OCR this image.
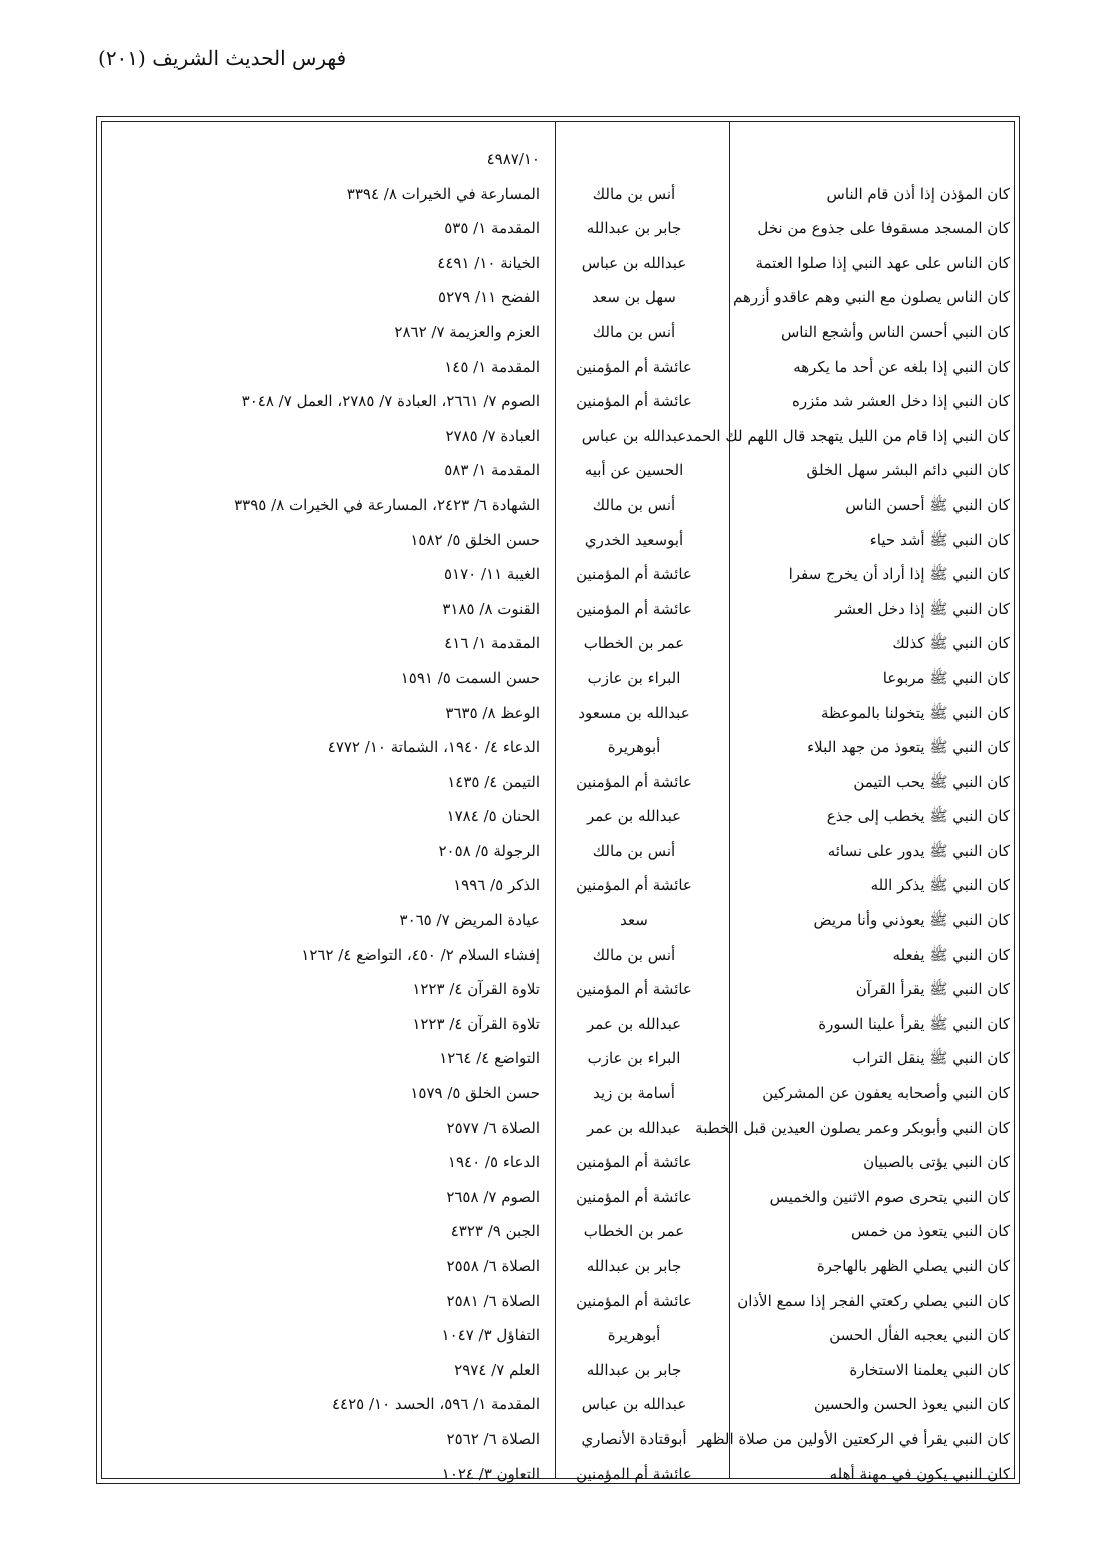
فهرس الحديث الشريف (٢٠١)
٤٩٨٧/١٠
كان المؤذن إذا أذن قام الناس
أنس بن مالك
المسارعة في الخيرات ٨/ ٣٣٩٤
كان المسجد مسقوفا على جذوع من نخل
جابر بن عبدالله
المقدمة ١/ ٥٣٥
كان الناس على عهد النبي إذا صلوا العتمة
عبدالله بن عباس
الخيانة ١٠/ ٤٤٩١
كان الناس يصلون مع النبي وهم عاقدو أزرهم
سهل بن سعد
الفضح ١١/ ٥٢٧٩
كان النبي أحسن الناس وأشجع الناس
أنس بن مالك
العزم والعزيمة ٧/ ٢٨٦٢
كان النبي إذا بلغه عن أحد ما يكرهه
عائشة أم المؤمنين
المقدمة ١/ ١٤٥
كان النبي إذا دخل العشر شد مئزره
عائشة أم المؤمنين
الصوم ٧/ ٢٦٦١، العبادة ٧/ ٢٧٨٥، العمل ٧/ ٣٠٤٨
كان النبي إذا قام من الليل يتهجد قال اللهم لك الحمد
عبدالله بن عباس
العبادة ٧/ ٢٧٨٥
كان النبي دائم البشر سهل الخلق
الحسين عن أبيه
المقدمة ١/ ٥٨٣
كان النبي ﷺ أحسن الناس
أنس بن مالك
الشهادة ٦/ ٢٤٢٣، المسارعة في الخيرات ٨/ ٣٣٩٥
كان النبي ﷺ أشد حياء
أبوسعيد الخدري
حسن الخلق ٥/ ١٥٨٢
كان النبي ﷺ إذا أراد أن يخرج سفرا
عائشة أم المؤمنين
الغيبة ١١/ ٥١٧٠
كان النبي ﷺ إذا دخل العشر
عائشة أم المؤمنين
القنوت ٨/ ٣١٨٥
كان النبي ﷺ كذلك
عمر بن الخطاب
المقدمة ١/ ٤١٦
كان النبي ﷺ مربوعا
البراء بن عازب
حسن السمت ٥/ ١٥٩١
كان النبي ﷺ يتخولنا بالموعظة
عبدالله بن مسعود
الوعظ ٨/ ٣٦٣٥
كان النبي ﷺ يتعوذ من جهد البلاء
أبوهريرة
الدعاء ٤/ ١٩٤٠، الشماتة ١٠/ ٤٧٧٢
كان النبي ﷺ يحب التيمن
عائشة أم المؤمنين
التيمن ٤/ ١٤٣٥
كان النبي ﷺ يخطب إلى جذع
عبدالله بن عمر
الحنان ٥/ ١٧٨٤
كان النبي ﷺ يدور على نسائه
أنس بن مالك
الرجولة ٥/ ٢٠٥٨
كان النبي ﷺ يذكر الله
عائشة أم المؤمنين
الذكر ٥/ ١٩٩٦
كان النبي ﷺ يعوذني وأنا مريض
سعد
عيادة المريض ٧/ ٣٠٦٥
كان النبي ﷺ يفعله
أنس بن مالك
إفشاء السلام ٢/ ٤٥٠، التواضع ٤/ ١٢٦٢
كان النبي ﷺ يقرأ القرآن
عائشة أم المؤمنين
تلاوة القرآن ٤/ ١٢٢٣
كان النبي ﷺ يقرأ علينا السورة
عبدالله بن عمر
تلاوة القرآن ٤/ ١٢٢٣
كان النبي ﷺ ينقل التراب
البراء بن عازب
التواضع ٤/ ١٢٦٤
كان النبي وأصحابه يعفون عن المشركين
أسامة بن زيد
حسن الخلق ٥/ ١٥٧٩
كان النبي وأبوبكر وعمر يصلون العيدين قبل الخطبة
عبدالله بن عمر
الصلاة ٦/ ٢٥٧٧
كان النبي يؤتى بالصبيان
عائشة أم المؤمنين
الدعاء ٥/ ١٩٤٠
كان النبي يتحرى صوم الاثنين والخميس
عائشة أم المؤمنين
الصوم ٧/ ٢٦٥٨
كان النبي يتعوذ من خمس
عمر بن الخطاب
الجبن ٩/ ٤٣٢٣
كان النبي يصلي الظهر بالهاجرة
جابر بن عبدالله
الصلاة ٦/ ٢٥٥٨
كان النبي يصلي ركعتي الفجر إذا سمع الأذان
عائشة أم المؤمنين
الصلاة ٦/ ٢٥٨١
كان النبي يعجبه الفأل الحسن
أبوهريرة
التفاؤل ٣/ ١٠٤٧
كان النبي يعلمنا الاستخارة
جابر بن عبدالله
العلم ٧/ ٢٩٧٤
كان النبي يعوذ الحسن والحسين
عبدالله بن عباس
المقدمة ١/ ٥٩٦، الحسد ١٠/ ٤٤٢٥
كان النبي يقرأ في الركعتين الأولين من صلاة الظهر
أبوقتادة الأنصاري
الصلاة ٦/ ٢٥٦٢
كان النبي يكون في مهنة أهله
عائشة أم المؤمنين
التعاون ٣/ ١٠٢٤
